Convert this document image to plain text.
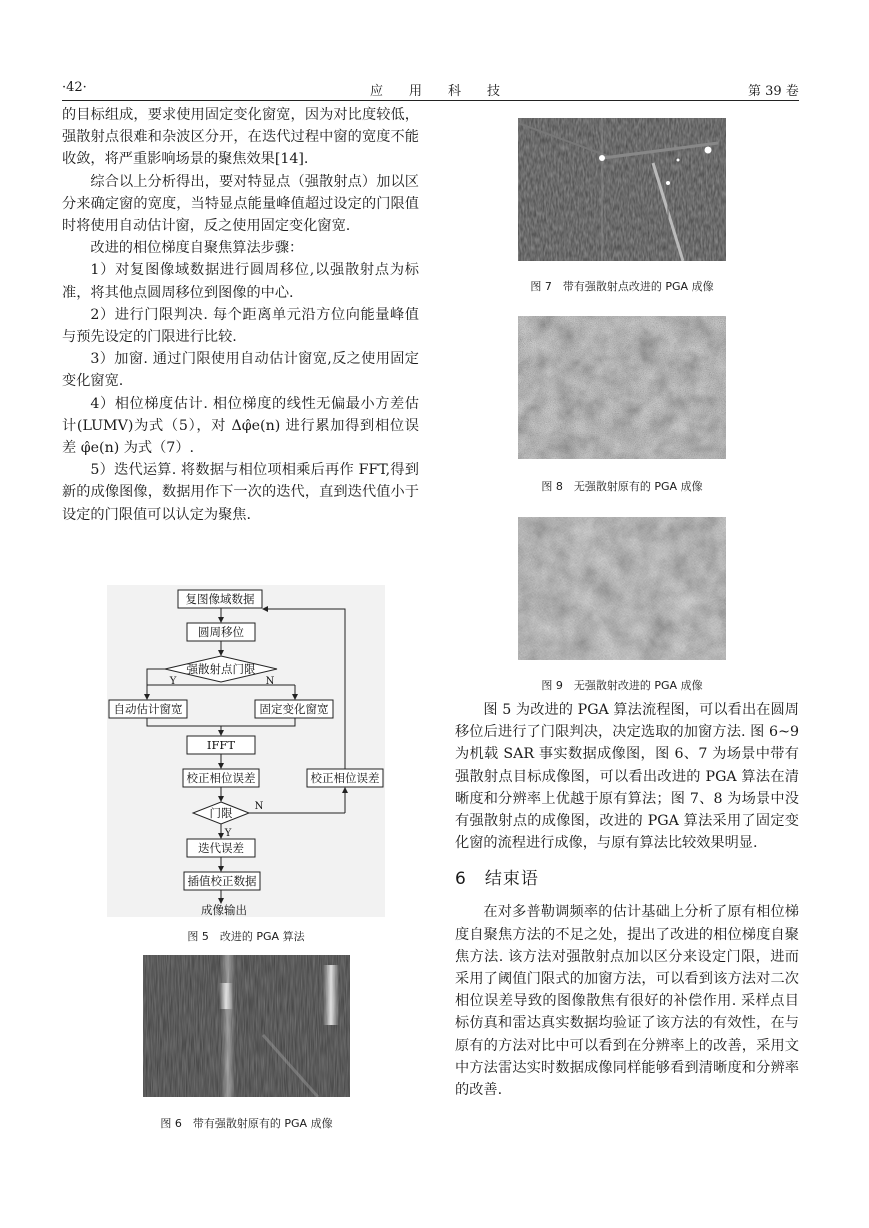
·42·	应　　用　　科　　技	第 39 卷

的目标组成，要求使用固定变化窗宽，因为对比度较低，强散射点很难和杂波区分开，在迭代过程中窗的宽度不能收敛，将严重影响场景的聚焦效果[14].

综合以上分析得出，要对特显点（强散射点）加以区分来确定窗的宽度，当特显点能量峰值超过设定的门限值时将使用自动估计窗，反之使用固定变化窗宽.

改进的相位梯度自聚焦算法步骤：

1）对复图像域数据进行圆周移位,以强散射点为标准，将其他点圆周移位到图像的中心.

2）进行门限判决. 每个距离单元沿方位向能量峰值与预先设定的门限进行比较.

3）加窗. 通过门限使用自动估计窗宽,反之使用固定变化窗宽.

4）相位梯度估计. 相位梯度的线性无偏最小方差估计(LUMV)为式（5），对 Δφ̂e(n) 进行累加得到相位误差 φ̂e(n) 为式（7）.

5）迭代运算. 将数据与相位项相乘后再作 FFT,得到新的成像图像，数据用作下一次的迭代，直到迭代值小于设定的门限值可以认定为聚焦.

复图像域数据
圆周移位
强散射点门限
Y	N
自动估计窗宽	固定变化窗宽
IFFT
校正相位误差	校正相位误差
门限 N
Y
迭代误差
插值校正数据
成像输出
图 5　改进的 PGA 算法
图 6　带有强散射原有的 PGA 成像
图 7　带有强散射点改进的 PGA 成像
图 8　无强散射原有的 PGA 成像
图 9　无强散射改进的 PGA 成像

图 5 为改进的 PGA 算法流程图，可以看出在圆周移位后进行了门限判决，决定选取的加窗方法. 图 6~9 为机载 SAR 事实数据成像图，图 6、7 为场景中带有强散射点目标成像图，可以看出改进的 PGA 算法在清晰度和分辨率上优越于原有算法；图 7、8 为场景中没有强散射点的成像图，改进的 PGA 算法采用了固定变化窗的流程进行成像，与原有算法比较效果明显.

6　结束语

在对多普勒调频率的估计基础上分析了原有相位梯度自聚焦方法的不足之处，提出了改进的相位梯度自聚焦方法. 该方法对强散射点加以区分来设定门限，进而采用了阈值门限式的加窗方法，可以看到该方法对二次相位误差导致的图像散焦有很好的补偿作用. 采样点目标仿真和雷达真实数据均验证了该方法的有效性，在与原有的方法对比中可以看到在分辨率上的改善，采用文中方法雷达实时数据成像同样能够看到清晰度和分辨率的改善.
